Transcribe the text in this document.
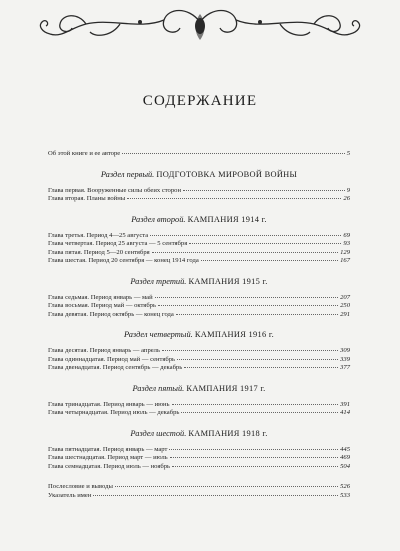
СОДЕРЖАНИЕ
Об этой книге и ее авторе	5
Раздел первый. ПОДГОТОВКА МИРОВОЙ ВОЙНЫ
Глава первая. Вооруженные силы обеих сторон	9
Глава вторая. Планы войны	26
Раздел второй. КАМПАНИЯ 1914 г.
Глава третья. Период 4—25 августа	69
Глава четвертая. Период 25 августа — 5 сентября	93
Глава пятая. Период 5—20 сентября	129
Глава шестая. Период 20 сентября — конец 1914 года	167
Раздел третий. КАМПАНИЯ 1915 г.
Глава седьмая. Период январь — май	207
Глава восьмая. Период май — октябрь	250
Глава девятая. Период октябрь — конец года	291
Раздел четвертый. КАМПАНИЯ 1916 г.
Глава десятая. Период январь — апрель	309
Глава одиннадцатая. Период май — сентябрь	339
Глава двенадцатая. Период сентябрь — декабрь	377
Раздел пятый. КАМПАНИЯ 1917 г.
Глава тринадцатая. Период январь — июнь	391
Глава четырнадцатая. Период июль — декабрь	414
Раздел шестой. КАМПАНИЯ 1918 г.
Глава пятнадцатая. Период январь — март	445
Глава шестнадцатая. Период март — июль	469
Глава семнадцатая. Период июль — ноябрь	504
Послесловие и выводы	526
Указатель имен	533
